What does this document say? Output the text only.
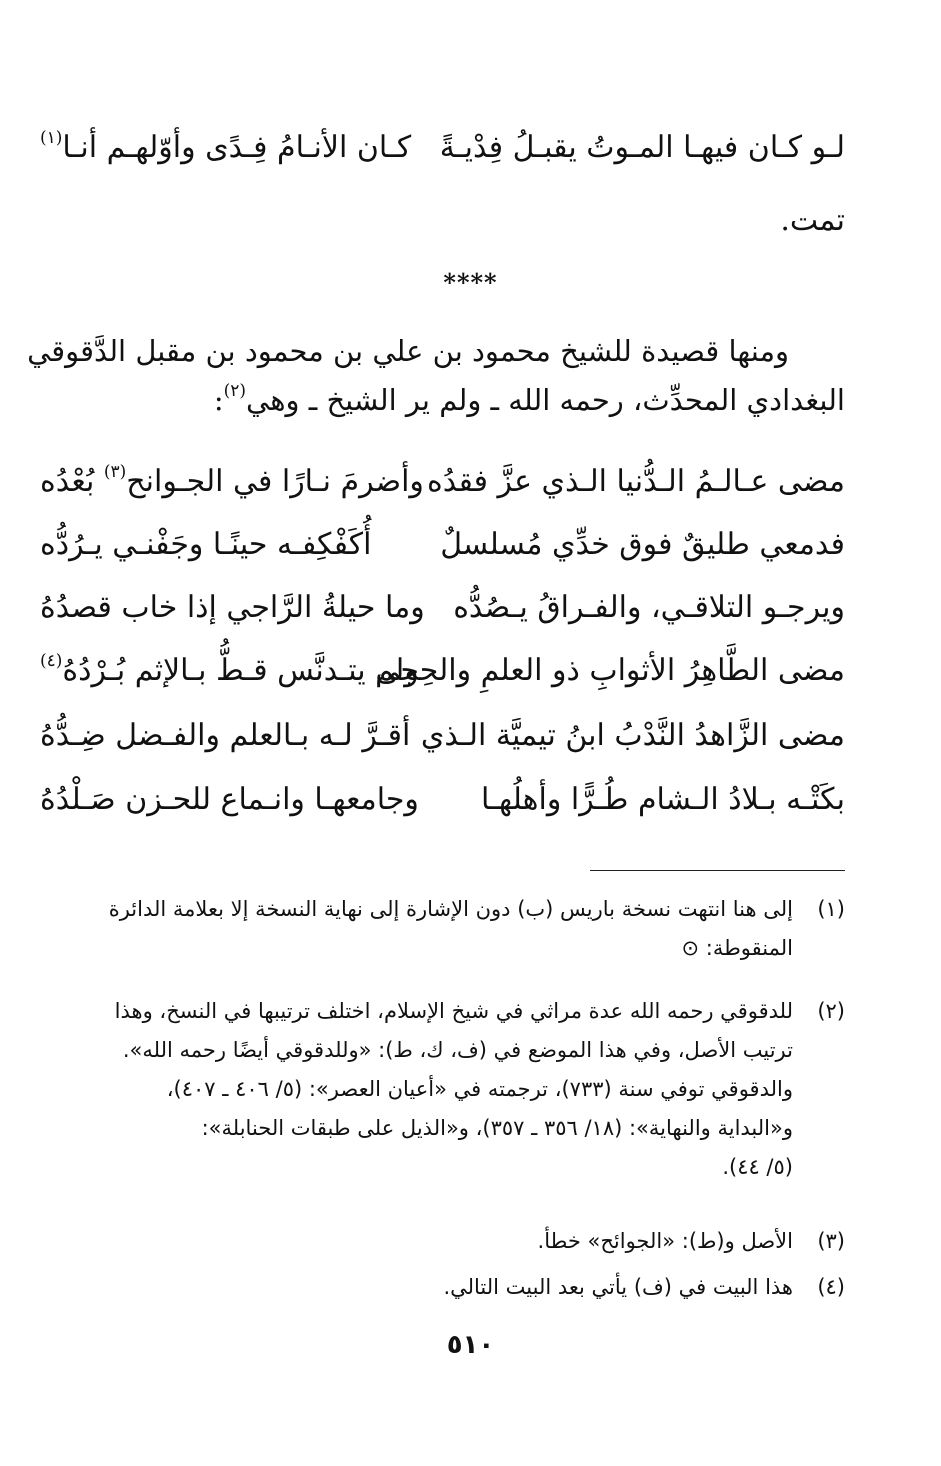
لـو كـان فيهـا المـوتُ يقبـلُ فِدْيـةً
كـان الأنـامُ فِـدًى وأوّلهـم أنـا$^{(١)}$
تمت.
****

ومنها قصيدة للشيخ محمود بن علي بن محمود بن مقبل الدَّقوقي

البغدادي المحدِّث، رحمه الله ـ ولم ير الشيخ ـ وهي$^{(٢)}$:

مضى عـالـمُ الـدُّنيا الـذي عزَّ فقدُه
وأضرمَ نـارًا في الجـوانح$^{(٣)}$ بُعْدُه
فدمعي طليقٌ فوق خدِّي مُسلسلٌ
أُكَفْكِفـه حينًـا وجَفْنـي يـرُدُّه
ويرجـو التلاقـي، والفـراقُ يـصُدُّه
وما حيلةُ الرَّاجي إذا خاب قصدُهُ
مضى الطَّاهِرُ الأثوابِ ذو العلمِ والحِجى
ولم يتـدنَّس قـطُّ بـالإثم بُـرْدُهُ$^{(٤)}$
مضى الزَّاهدُ النَّدْبُ ابنُ تيميَّة الـذي
أقـرَّ لـه بـالعلم والفـضل ضِـدُّهُ
بكَتْـه بـلادُ الـشام طُـرًّا وأهلُهـا
وجامعهـا وانـماع للحـزن صَـلْدُهُ
(١)
إلى هنا انتهت نسخة باريس (ب) دون الإشارة إلى نهاية النسخة إلا بعلامة الدائرة
المنقوطة: ⊙
(٢)
للدقوقي رحمه الله عدة مراثي في شيخ الإسلام، اختلف ترتيبها في النسخ، وهذا
ترتيب الأصل، وفي هذا الموضع في (ف، ك، ط): «وللدقوقي أيضًا رحمه الله».
والدقوقي توفي سنة (٧٣٣)، ترجمته في «أعيان العصر»: (٥/ ٤٠٦ ـ ٤٠٧)،
و«البداية والنهاية»: (١٨/ ٣٥٦ ـ ٣٥٧)، و«الذيل على طبقات الحنابلة»:
(٥/ ٤٤).
(٣)
الأصل و(ط): «الجوائح» خطأ.
(٤)
هذا البيت في (ف) يأتي بعد البيت التالي.
٥١٠
